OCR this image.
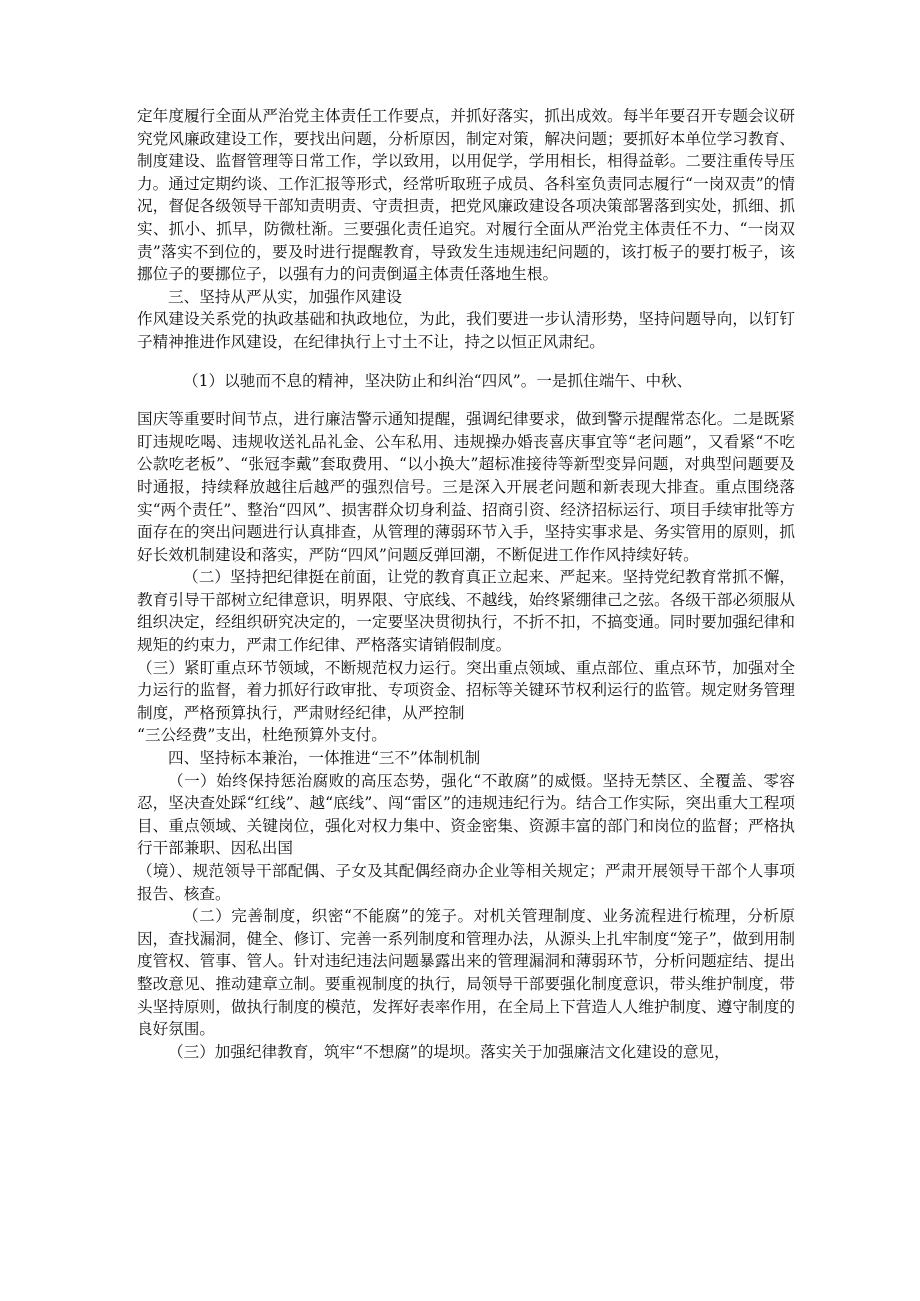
定年度履行全面从严治党主体责任工作要点，并抓好落实，抓出成效。每半年要召开专题会议研究党风廉政建设工作，要找出问题，分析原因，制定对策，解决问题；要抓好本单位学习教育、制度建设、监督管理等日常工作，学以致用，以用促学，学用相长，相得益彰。二要注重传导压力。通过定期约谈、工作汇报等形式，经常听取班子成员、各科室负责同志履行“一岗双责”的情况，督促各级领导干部知责明责、守责担责，把党风廉政建设各项决策部署落到实处，抓细、抓实、抓小、抓早，防微杜渐。三要强化责任追究。对履行全面从严治党主体责任不力、“一岗双责”落实不到位的，要及时进行提醒教育，导致发生违规违纪问题的，该打板子的要打板子，该挪位子的要挪位子，以强有力的问责倒逼主体责任落地生根。

三、坚持从严从实，加强作风建设

作风建设关系党的执政基础和执政地位，为此，我们要进一步认清形势，坚持问题导向，以钉钉子精神推进作风建设，在纪律执行上寸土不让，持之以恒正风肃纪。

（1）以驰而不息的精神，坚决防止和纠治“四风”。一是抓住端午、中秋、

国庆等重要时间节点，进行廉洁警示通知提醒，强调纪律要求，做到警示提醒常态化。二是既紧盯违规吃喝、违规收送礼品礼金、公车私用、违规操办婚丧喜庆事宜等“老问题”，又看紧“不吃公款吃老板”、“张冠李戴”套取费用、“以小换大”超标准接待等新型变异问题，对典型问题要及时通报，持续释放越往后越严的强烈信号。三是深入开展老问题和新表现大排查。重点围绕落实“两个责任”、整治“四风”、损害群众切身利益、招商引资、经济招标运行、项目手续审批等方面存在的突出问题进行认真排查，从管理的薄弱环节入手，坚持实事求是、务实管用的原则，抓好长效机制建设和落实，严防“四风”问题反弹回潮，不断促进工作作风持续好转。

（二）坚持把纪律挺在前面，让党的教育真正立起来、严起来。坚持党纪教育常抓不懈，教育引导干部树立纪律意识，明界限、守底线、不越线，始终紧绷律己之弦。各级干部必须服从组织决定，经组织研究决定的，一定要坚决贯彻执行，不折不扣，不搞变通。同时要加强纪律和规矩的约束力，严肃工作纪律、严格落实请销假制度。

（三）紧盯重点环节领域，不断规范权力运行。突出重点领域、重点部位、重点环节，加强对全力运行的监督，着力抓好行政审批、专项资金、招标等关键环节权利运行的监管。规定财务管理制度，严格预算执行，严肃财经纪律，从严控制

“三公经费”支出，杜绝预算外支付。

四、坚持标本兼治，一体推进“三不”体制机制

（一）始终保持惩治腐败的高压态势，强化“不敢腐”的威慑。坚持无禁区、全覆盖、零容忍，坚决查处踩“红线”、越“底线”、闯“雷区”的违规违纪行为。结合工作实际，突出重大工程项目、重点领域、关键岗位，强化对权力集中、资金密集、资源丰富的部门和岗位的监督；严格执行干部兼职、因私出国

（境）、规范领导干部配偶、子女及其配偶经商办企业等相关规定；严肃开展领导干部个人事项报告、核查。

（二）完善制度，织密“不能腐”的笼子。对机关管理制度、业务流程进行梳理，分析原因，查找漏洞，健全、修订、完善一系列制度和管理办法，从源头上扎牢制度“笼子”，做到用制度管权、管事、管人。针对违纪违法问题暴露出来的管理漏洞和薄弱环节，分析问题症结、提出整改意见、推动建章立制。要重视制度的执行，局领导干部要强化制度意识，带头维护制度，带头坚持原则，做执行制度的模范，发挥好表率作用，在全局上下营造人人维护制度、遵守制度的良好氛围。

（三）加强纪律教育，筑牢“不想腐”的堤坝。落实关于加强廉洁文化建设的意见，
